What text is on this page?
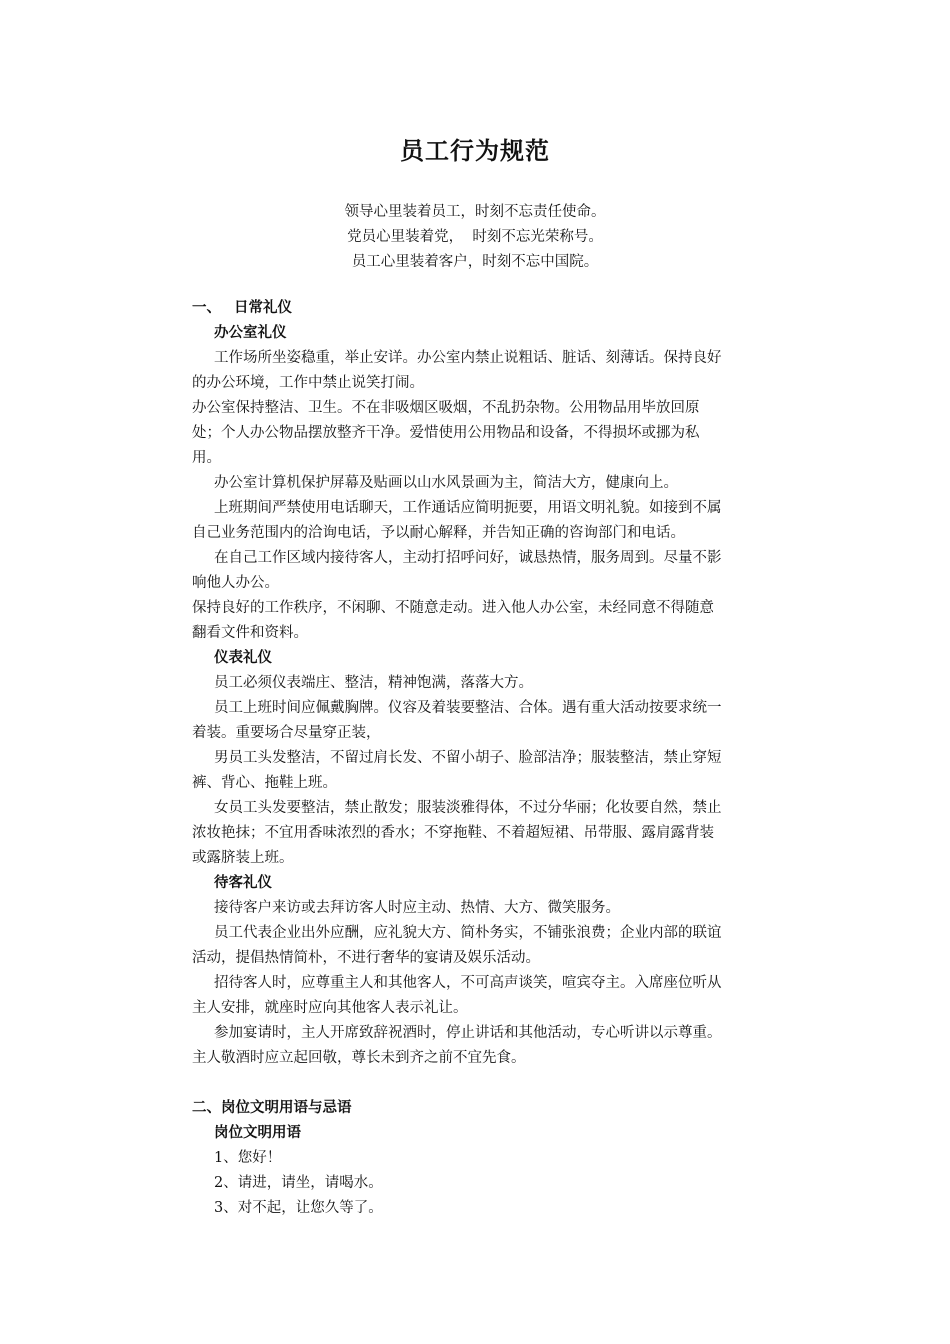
员工行为规范
领导心里装着员工，时刻不忘责任使命。
党员心里装着党，  时刻不忘光荣称号。
员工心里装着客户，时刻不忘中国院。
一、 日常礼仪
办公室礼仪
工作场所坐姿稳重，举止安详。办公室内禁止说粗话、脏话、刻薄话。保持良好
的办公环境，工作中禁止说笑打闹。
办公室保持整洁、卫生。不在非吸烟区吸烟，不乱扔杂物。公用物品用毕放回原
处；个人办公物品摆放整齐干净。爱惜使用公用物品和设备，不得损坏或挪为私
用。
办公室计算机保护屏幕及贴画以山水风景画为主，简洁大方，健康向上。
上班期间严禁使用电话聊天，工作通话应简明扼要，用语文明礼貌。如接到不属
自己业务范围内的洽询电话，予以耐心解释，并告知正确的咨询部门和电话。
在自己工作区域内接待客人，主动打招呼问好，诚恳热情，服务周到。尽量不影
响他人办公。
保持良好的工作秩序，不闲聊、不随意走动。进入他人办公室，未经同意不得随意
翻看文件和资料。
仪表礼仪
员工必须仪表端庄、整洁，精神饱满，落落大方。
员工上班时间应佩戴胸牌。仪容及着装要整洁、合体。遇有重大活动按要求统一
着装。重要场合尽量穿正装，
男员工头发整洁，不留过肩长发、不留小胡子、脸部洁净；服装整洁，禁止穿短
裤、背心、拖鞋上班。
女员工头发要整洁，禁止散发；服装淡雅得体，不过分华丽；化妆要自然，禁止
浓妆艳抹；不宜用香味浓烈的香水；不穿拖鞋、不着超短裙、吊带服、露肩露背装
或露脐装上班。
待客礼仪
接待客户来访或去拜访客人时应主动、热情、大方、微笑服务。
员工代表企业出外应酬，应礼貌大方、简朴务实，不铺张浪费；企业内部的联谊
活动，提倡热情简朴，不进行奢华的宴请及娱乐活动。
招待客人时，应尊重主人和其他客人，不可高声谈笑，喧宾夺主。入席座位听从
主人安排，就座时应向其他客人表示礼让。
参加宴请时，主人开席致辞祝酒时，停止讲话和其他活动，专心听讲以示尊重。
主人敬酒时应立起回敬，尊长未到齐之前不宜先食。
二、岗位文明用语与忌语
岗位文明用语
1、您好！
2、请进，请坐，请喝水。
3、对不起，让您久等了。
